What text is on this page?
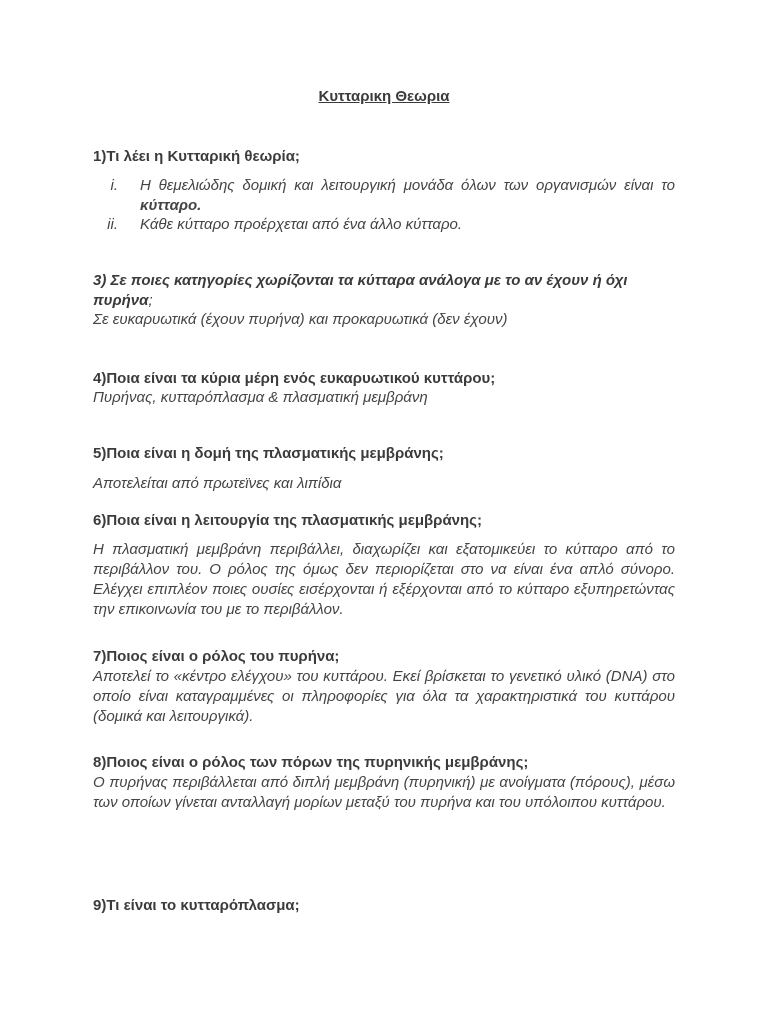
Κυτταρικη Θεωρια
1)Τι λέει η Κυτταρική θεωρία;
i. Η θεμελιώδης δομική και λειτουργική μονάδα όλων των οργανισμών είναι το κύτταρο.
ii. Κάθε κύτταρο προέρχεται από ένα άλλο κύτταρο.
3) Σε ποιες κατηγορίες χωρίζονται τα κύτταρα ανάλογα με το αν έχουν ή όχι πυρήνα;
Σε ευκαρυωτικά (έχουν πυρήνα) και προκαρυωτικά (δεν έχουν)
4)Ποια είναι τα κύρια μέρη ενός ευκαρυωτικού κυττάρου;
Πυρήνας, κυτταρόπλασμα & πλασματική μεμβράνη
5)Ποια είναι η δομή της πλασματικής μεμβράνης;
Αποτελείται από πρωτεϊνες και λιπίδια
6)Ποια είναι η λειτουργία της πλασματικής μεμβράνης;
Η πλασματική μεμβράνη περιβάλλει, διαχωρίζει και εξατομικεύει το κύτταρο από το περιβάλλον του. Ο ρόλος της όμως δεν περιορίζεται στο να είναι ένα απλό σύνορο. Ελέγχει επιπλέον ποιες ουσίες εισέρχονται ή εξέρχονται από το κύτταρο εξυπηρετώντας την επικοινωνία του με το περιβάλλον.
7)Ποιος είναι ο ρόλος του πυρήνα;
Αποτελεί το «κέντρο ελέγχου» του κυττάρου. Εκεί βρίσκεται το γενετικό υλικό (DNA) στο οποίο είναι καταγραμμένες οι πληροφορίες για όλα τα χαρακτηριστικά του κυττάρου (δομικά και λειτουργικά).
8)Ποιος είναι ο ρόλος των πόρων της πυρηνικής μεμβράνης;
Ο πυρήνας περιβάλλεται από διπλή μεμβράνη (πυρηνική) με ανοίγματα (πόρους), μέσω των οποίων γίνεται ανταλλαγή μορίων μεταξύ του πυρήνα και του υπόλοιπου κυττάρου.
9)Τι είναι το κυτταρόπλασμα;
